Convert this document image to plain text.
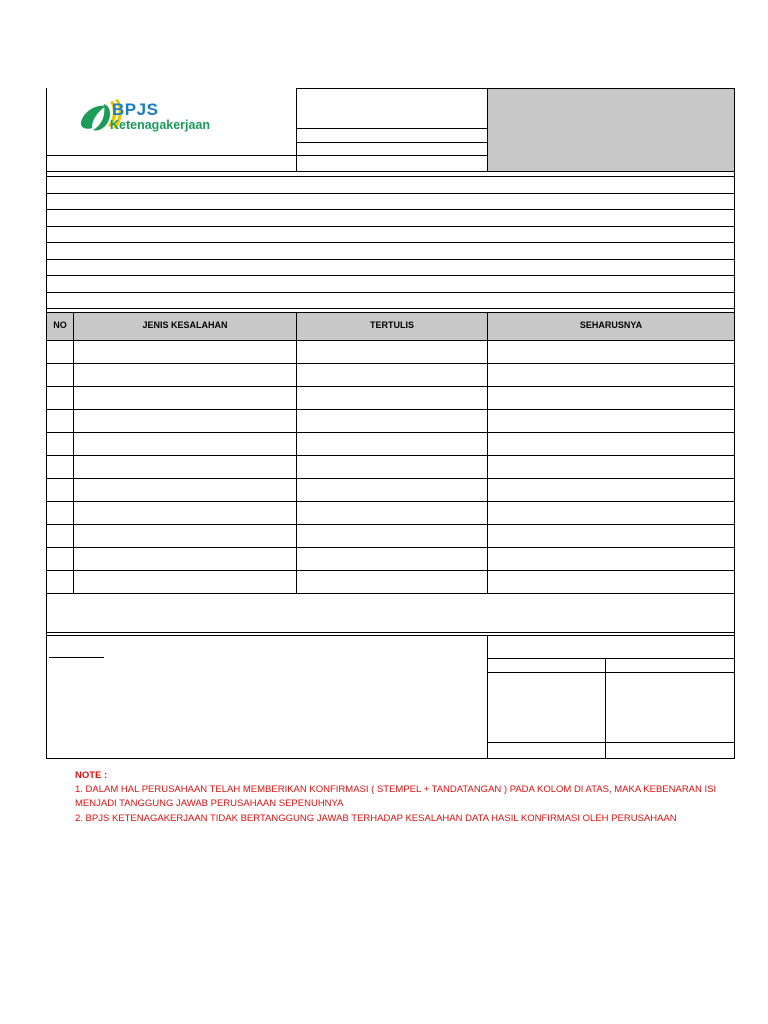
BPJS
Ketenagakerjaan
NO	JENIS KESALAHAN	TERTULIS	SEHARUSNYA
NOTE :
1. DALAM HAL PERUSAHAAN TELAH MEMBERIKAN KONFIRMASI ( STEMPEL + TANDATANGAN ) PADA KOLOM DI ATAS, MAKA KEBENARAN ISI
MENJADI TANGGUNG JAWAB PERUSAHAAN SEPENUHNYA
2. BPJS KETENAGAKERJAAN TIDAK BERTANGGUNG JAWAB TERHADAP KESALAHAN DATA HASIL KONFIRMASI OLEH PERUSAHAAN
